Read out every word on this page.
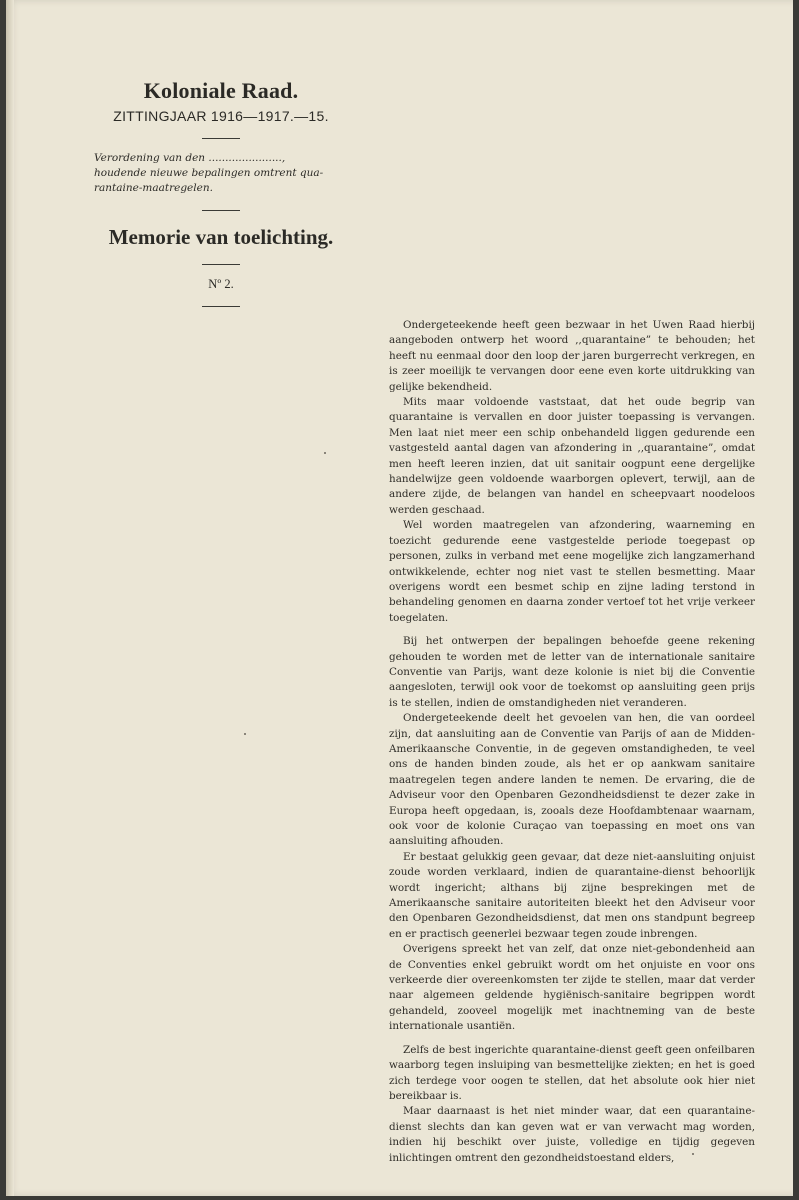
Koloniale Raad.
ZITTINGJAAR 1916—1917.—15.
Verordening van den ......................,
houdende nieuwe bepalingen omtrent qua-
rantaine-maatregelen.
Memorie van toelichting.
Nº 2.

Ondergeteekende heeft geen bezwaar in het Uwen Raad hierbij aangeboden ontwerp het woord ,,quarantaine” te behouden; het heeft nu eenmaal door den loop der jaren burgerrecht verkregen, en is zeer moeilijk te vervangen door eene even korte uitdrukking van gelijke bekendheid.

Mits maar voldoende vaststaat, dat het oude begrip van quarantaine is vervallen en door juister toepassing is vervangen. Men laat niet meer een schip onbehandeld liggen gedurende een vastgesteld aantal dagen van afzondering in ,,quarantaine”, omdat men heeft leeren inzien, dat uit sanitair oogpunt eene dergelijke handelwijze geen voldoende waarborgen oplevert, terwijl, aan de andere zijde, de belangen van handel en scheepvaart noodeloos werden geschaad.

Wel worden maatregelen van afzondering, waarneming en toezicht gedurende eene vastgestelde periode toegepast op personen, zulks in verband met eene mogelijke zich langzamerhand ontwikkelende, echter nog niet vast te stellen besmetting. Maar overigens wordt een besmet schip en zijne lading terstond in behandeling genomen en daarna zonder vertoef tot het vrije verkeer toegelaten.

Bij het ontwerpen der bepalingen behoefde geene rekening gehouden te worden met de letter van de internationale sanitaire Conventie van Parijs, want deze kolonie is niet bij die Conventie aangesloten, terwijl ook voor de toekomst op aansluiting geen prijs is te stellen, indien de omstandigheden niet veranderen.

Ondergeteekende deelt het gevoelen van hen, die van oordeel zijn, dat aansluiting aan de Conventie van Parijs of aan de Midden-Amerikaansche Conventie, in de gegeven omstandigheden, te veel ons de handen binden zoude, als het er op aankwam sanitaire maatregelen tegen andere landen te nemen. De ervaring, die de Adviseur voor den Openbaren Gezondheidsdienst te dezer zake in Europa heeft opgedaan, is, zooals deze Hoofdambtenaar waarnam, ook voor de kolonie Curaçao van toepassing en moet ons van aansluiting afhouden.

Er bestaat gelukkig geen gevaar, dat deze niet-aansluiting onjuist zoude worden verklaard, indien de quarantaine-dienst behoorlijk wordt ingericht; althans bij zijne besprekingen met de Amerikaansche sanitaire autoriteiten bleekt het den Adviseur voor den Openbaren Gezondheidsdienst, dat men ons standpunt begreep en er practisch geenerlei bezwaar tegen zoude inbrengen.

Overigens spreekt het van zelf, dat onze niet-gebondenheid aan de Conventies enkel gebruikt wordt om het onjuiste en voor ons verkeerde dier overeenkomsten ter zijde te stellen, maar dat verder naar algemeen geldende hygiënisch-sanitaire begrippen wordt gehandeld, zooveel mogelijk met inachtneming van de beste internationale usantiën.

Zelfs de best ingerichte quarantaine-dienst geeft geen onfeilbaren waarborg tegen insluiping van besmettelijke ziekten; en het is goed zich terdege voor oogen te stellen, dat het absolute ook hier niet bereikbaar is.

Maar daarnaast is het niet minder waar, dat een quarantaine-dienst slechts dan kan geven wat er van verwacht mag worden, indien hij beschikt over juiste, volledige en tijdig gegeven inlichtingen omtrent den gezondheidstoestand elders,
